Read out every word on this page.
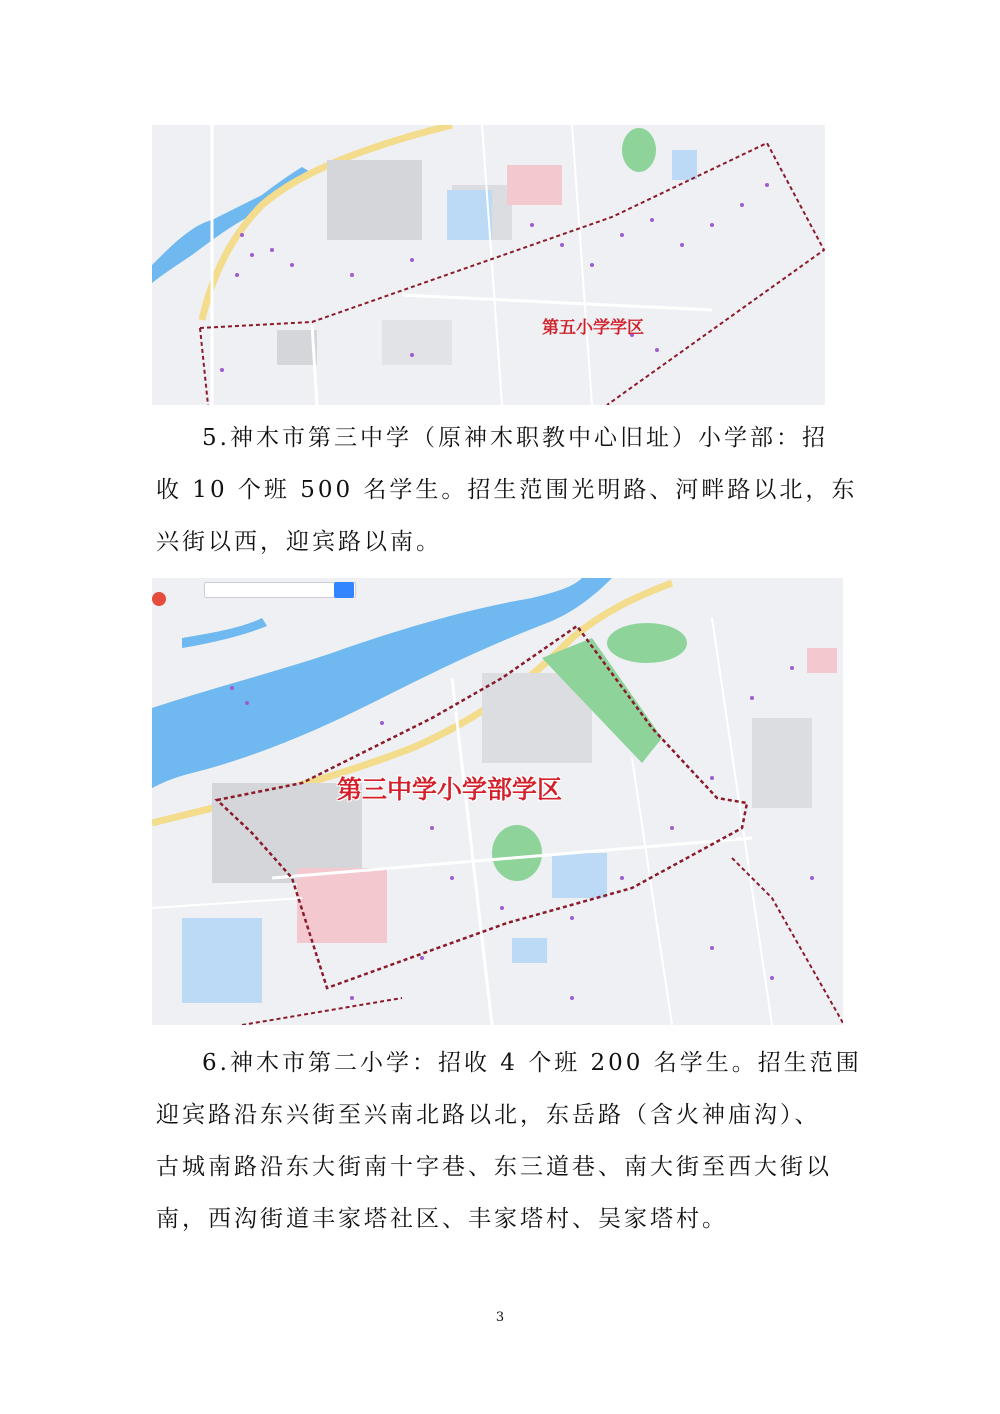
第五小学学区

5.神木市第三中学（原神木职教中心旧址）小学部：招
收 10 个班 500 名学生。招生范围光明路、河畔路以北，东
兴街以西，迎宾路以南。

第三中学小学部学区

6.神木市第二小学：招收 4 个班 200 名学生。招生范围
迎宾路沿东兴街至兴南北路以北，东岳路（含火神庙沟）、
古城南路沿东大街南十字巷、东三道巷、南大街至西大街以
南，西沟街道丰家塔社区、丰家塔村、吴家塔村。

3
